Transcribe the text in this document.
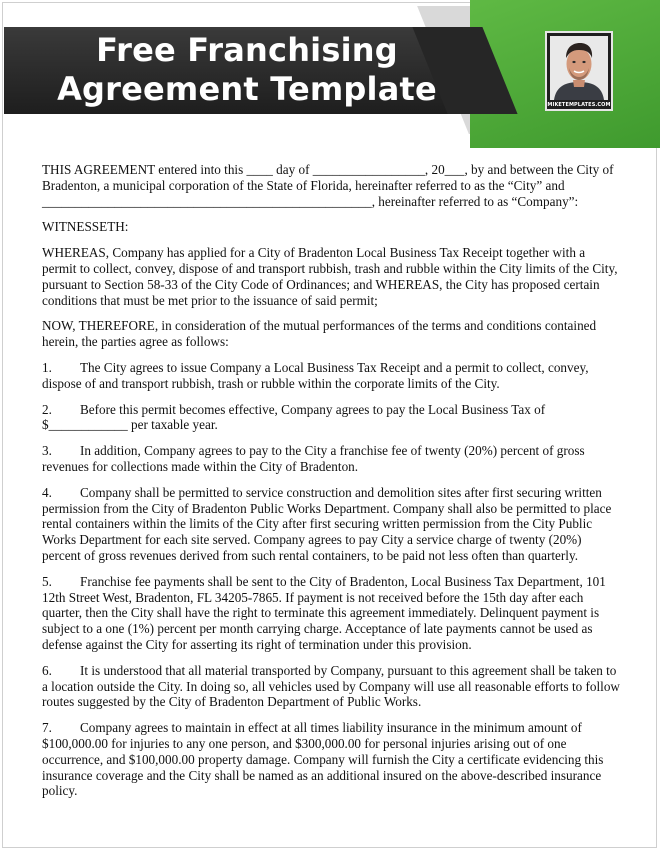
Free Franchising
Agreement Template	MIKETEMPLATES.COM

THIS AGREEMENT entered into this ____ day of _________________, 20___, by and between the City of
Bradenton, a municipal corporation of the State of Florida, hereinafter referred to as the “City” and
__________________________________________________, hereinafter referred to as “Company”:

WITNESSETH:

WHEREAS, Company has applied for a City of Bradenton Local Business Tax Receipt together with a permit to collect, convey, dispose of and transport rubbish, trash and rubble within the City limits of the City, pursuant to Section 58-33 of the City Code of Ordinances; and WHEREAS, the City has proposed certain conditions that must be met prior to the issuance of said permit;

NOW, THEREFORE, in consideration of the mutual performances of the terms and conditions contained herein, the parties agree as follows:

1. The City agrees to issue Company a Local Business Tax Receipt and a permit to collect, convey, dispose of and transport rubbish, trash or rubble within the corporate limits of the City.

2. Before this permit becomes effective, Company agrees to pay the Local Business Tax of $____________ per taxable year.

3. In addition, Company agrees to pay to the City a franchise fee of twenty (20%) percent of gross revenues for collections made within the City of Bradenton.

4. Company shall be permitted to service construction and demolition sites after first securing written permission from the City of Bradenton Public Works Department. Company shall also be permitted to place rental containers within the limits of the City after first securing written permission from the City Public Works Department for each site served. Company agrees to pay City a service charge of twenty (20%) percent of gross revenues derived from such rental containers, to be paid not less often than quarterly.

5. Franchise fee payments shall be sent to the City of Bradenton, Local Business Tax Department, 101 12th Street West, Bradenton, FL 34205-7865. If payment is not received before the 15th day after each quarter, then the City shall have the right to terminate this agreement immediately. Delinquent payment is subject to a one (1%) percent per month carrying charge. Acceptance of late payments cannot be used as defense against the City for asserting its right of termination under this provision.

6. It is understood that all material transported by Company, pursuant to this agreement shall be taken to a location outside the City. In doing so, all vehicles used by Company will use all reasonable efforts to follow routes suggested by the City of Bradenton Department of Public Works.

7. Company agrees to maintain in effect at all times liability insurance in the minimum amount of $100,000.00 for injuries to any one person, and $300,000.00 for personal injuries arising out of one occurrence, and $100,000.00 property damage. Company will furnish the City a certificate evidencing this insurance coverage and the City shall be named as an additional insured on the above-described insurance policy.
